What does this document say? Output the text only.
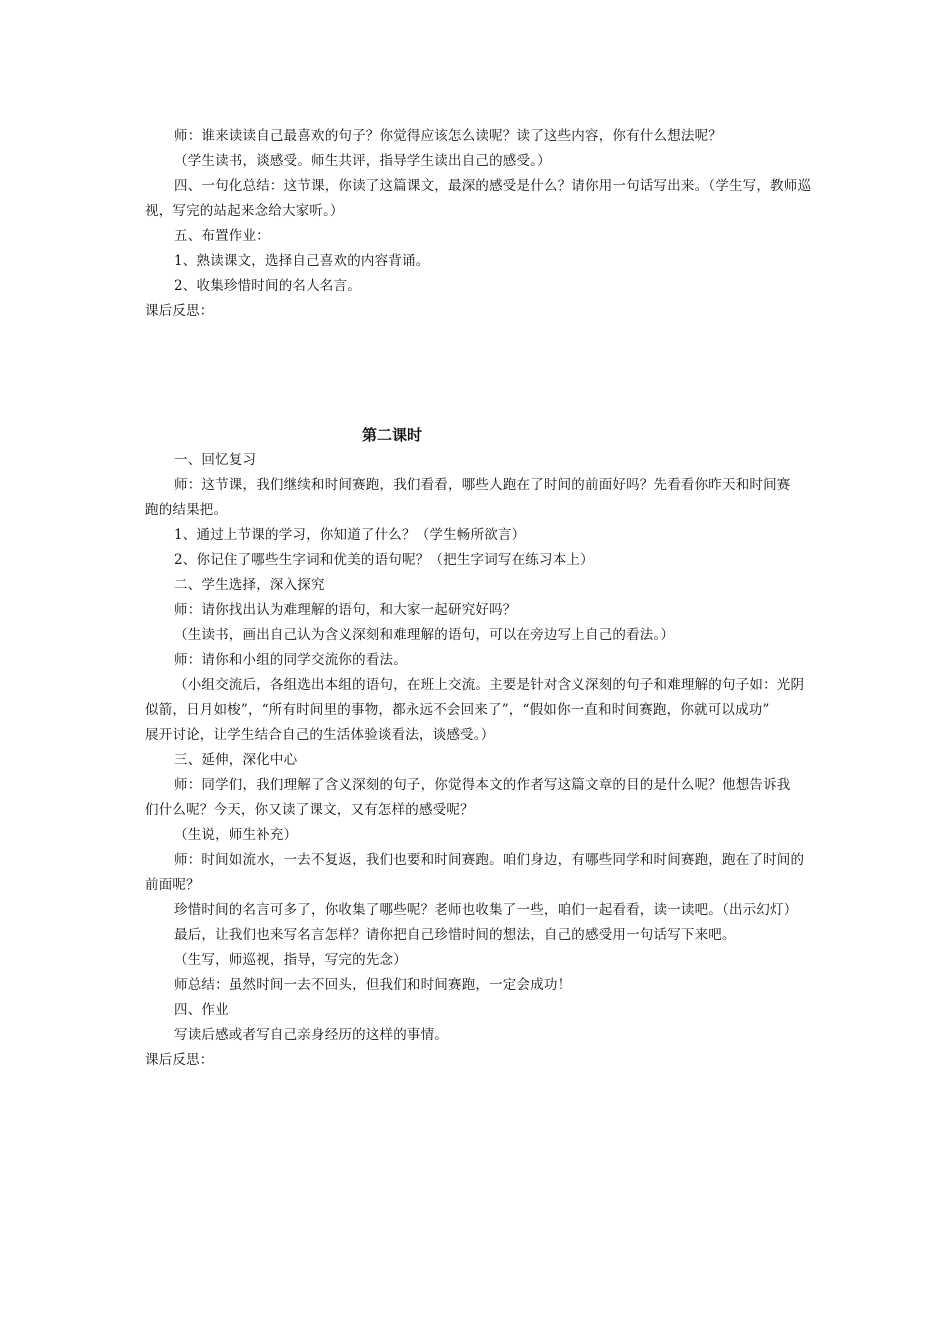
师：谁来读读自己最喜欢的句子？你觉得应该怎么读呢？读了这些内容，你有什么想法呢？
（学生读书，谈感受。师生共评，指导学生读出自己的感受。）
四、一句化总结：这节课，你读了这篇课文，最深的感受是什么？请你用一句话写出来。（学生写，教师巡
视，写完的站起来念给大家听。）
五、布置作业：
1、熟读课文，选择自己喜欢的内容背诵。
2、收集珍惜时间的名人名言。
课后反思：
第二课时
一、回忆复习
师：这节课，我们继续和时间赛跑，我们看看，哪些人跑在了时间的前面好吗？先看看你昨天和时间赛
跑的结果把。
1、通过上节课的学习，你知道了什么？（学生畅所欲言）
2、你记住了哪些生字词和优美的语句呢？（把生字词写在练习本上）
二、学生选择，深入探究
师：请你找出认为难理解的语句，和大家一起研究好吗？
（生读书，画出自己认为含义深刻和难理解的语句，可以在旁边写上自己的看法。）
师：请你和小组的同学交流你的看法。
（小组交流后，各组选出本组的语句，在班上交流。主要是针对含义深刻的句子和难理解的句子如：光阴
似箭，日月如梭”，“所有时间里的事物，都永远不会回来了”，“假如你一直和时间赛跑，你就可以成功”
展开讨论，让学生结合自己的生活体验谈看法，谈感受。）
三、延伸，深化中心
师：同学们，我们理解了含义深刻的句子，你觉得本文的作者写这篇文章的目的是什么呢？他想告诉我
们什么呢？今天，你又读了课文，又有怎样的感受呢？
（生说，师生补充）
师：时间如流水，一去不复返，我们也要和时间赛跑。咱们身边，有哪些同学和时间赛跑，跑在了时间的
前面呢？
珍惜时间的名言可多了，你收集了哪些呢？老师也收集了一些，咱们一起看看，读一读吧。（出示幻灯）
最后，让我们也来写名言怎样？请你把自己珍惜时间的想法，自己的感受用一句话写下来吧。
（生写，师巡视，指导，写完的先念）
师总结：虽然时间一去不回头，但我们和时间赛跑，一定会成功！
四、作业
写读后感或者写自己亲身经历的这样的事情。
课后反思：
